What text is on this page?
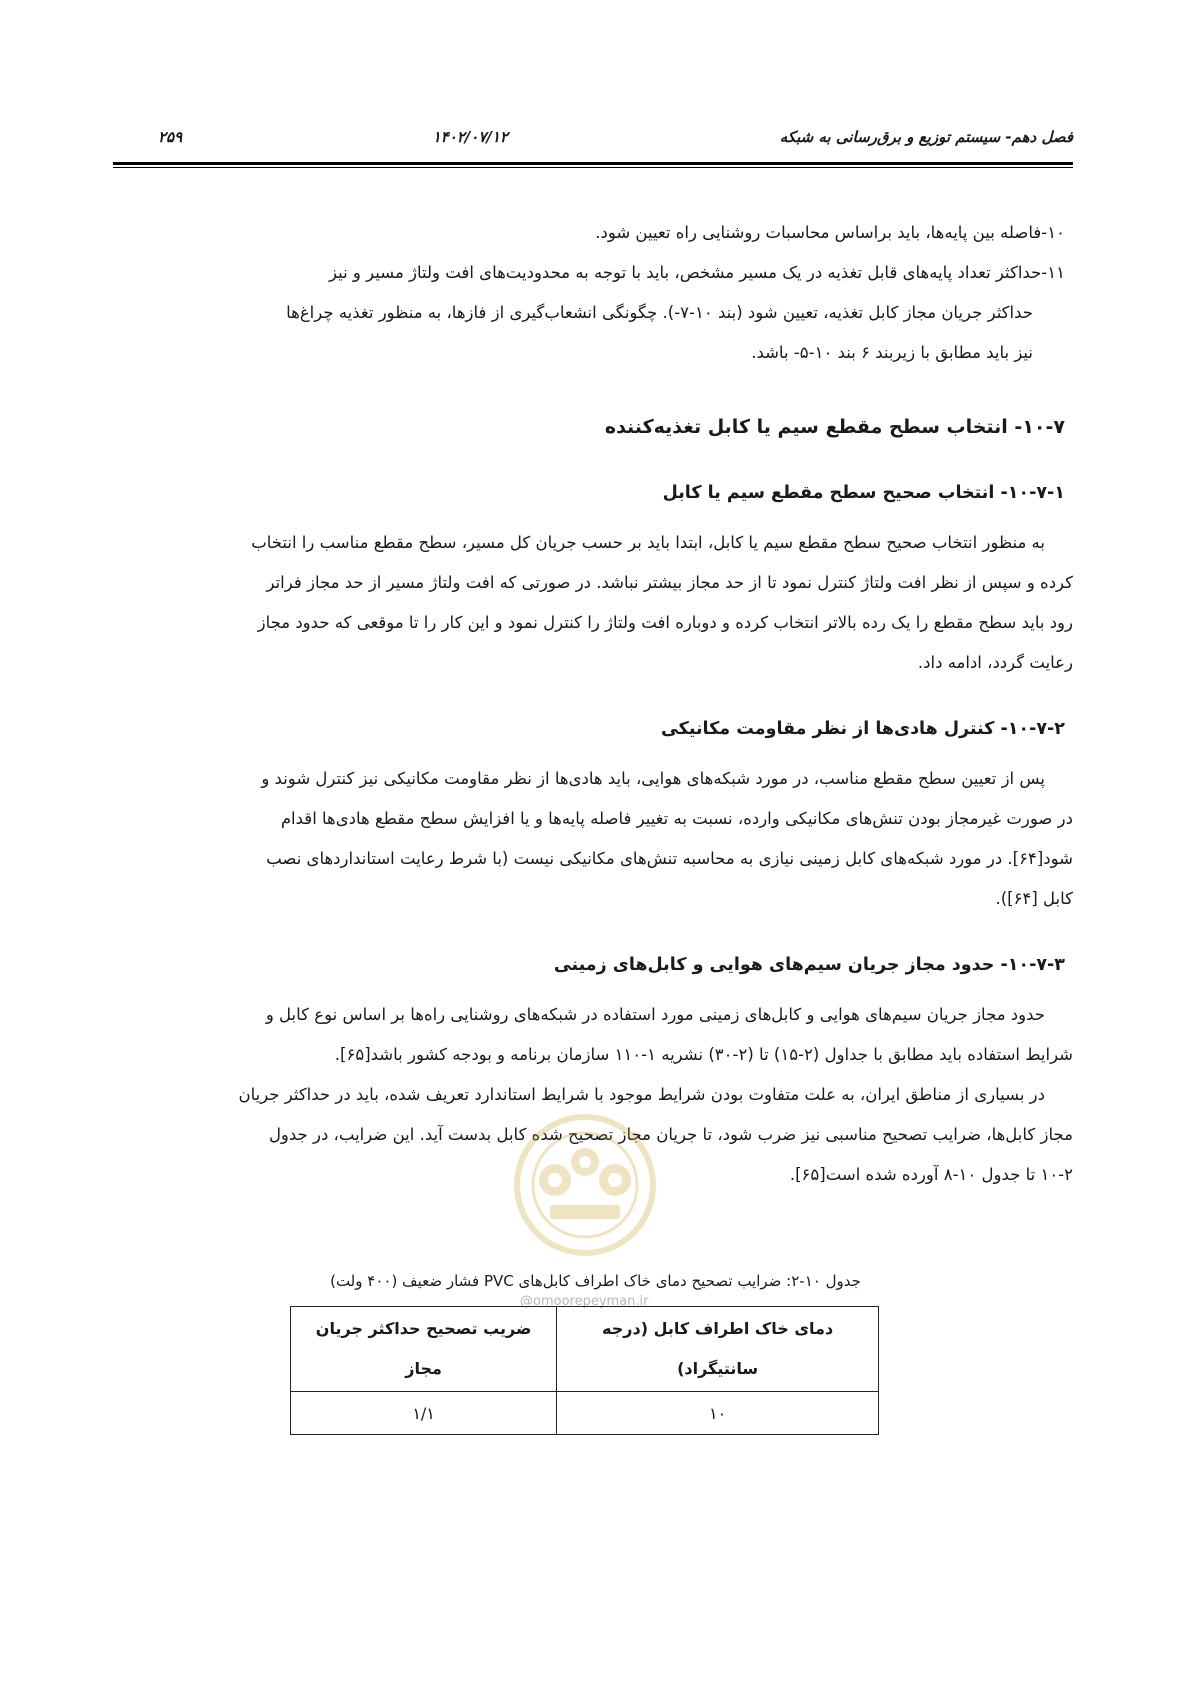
فصل دهم- سیستم توزیع و برق‌رسانی به شبکه
۱۴۰۲/۰۷/۱۲
۲۵۹

۱۰-فاصله بین پایه‌ها، باید براساس محاسبات روشنایی راه تعیین شود.

۱۱-حداکثر تعداد پایه‌های قابل تغذیه در یک مسیر مشخص، باید با توجه به محدودیت‌های افت ولتاژ مسیر و نیز
حداکثر جریان مجاز کابل تغذیه، تعیین شود (بند ۱۰-۷-). چگونگی انشعاب‌گیری از فازها، به منظور تغذیه چراغ‌ها
نیز باید مطابق با زیربند ۶ بند ۱۰-۵- باشد.

۱۰-۷- انتخاب سطح مقطع سیم یا کابل تغذیه‌کننده
۱۰-۷-۱- انتخاب صحیح سطح مقطع سیم یا کابل

به منظور انتخاب صحیح سطح مقطع سیم یا کابل، ابتدا باید بر حسب جریان کل مسیر، سطح مقطع مناسب را انتخاب
کرده و سپس از نظر افت ولتاژ کنترل نمود تا از حد مجاز بیشتر نباشد. در صورتی که افت ولتاژ مسیر از حد مجاز فراتر
رود باید سطح مقطع را یک رده بالاتر انتخاب کرده و دوباره افت ولتاژ را کنترل نمود و این کار را تا موقعی که حدود مجاز
رعایت گردد، ادامه داد.

۱۰-۷-۲- کنترل هادی‌ها از نظر مقاومت مکانیکی

پس از تعیین سطح مقطع مناسب، در مورد شبکه‌های هوایی، باید هادی‌ها از نظر مقاومت مکانیکی نیز کنترل شوند و
در صورت غیرمجاز بودن تنش‌های مکانیکی وارده، نسبت به تغییر فاصله پایه‌ها و یا افزایش سطح مقطع هادی‌ها اقدام
شود[۶۴]. در مورد شبکه‌های کابل زمینی نیازی به محاسبه تنش‌های مکانیکی نیست (با شرط رعایت استانداردهای نصب
کابل [۶۴]).

۱۰-۷-۳- حدود مجاز جریان سیم‌های هوایی و کابل‌های زمینی

حدود مجاز جریان سیم‌های هوایی و کابل‌های زمینی مورد استفاده در شبکه‌های روشنایی راه‌ها بر اساس نوع کابل و
شرایط استفاده باید مطابق با جداول (۲-۱۵) تا (۲-۳۰) نشریه ۱-۱۱۰ سازمان برنامه و بودجه کشور باشد[۶۵].

در بسیاری از مناطق ایران، به علت متفاوت بودن شرایط موجود با شرایط استاندارد تعریف شده، باید در حداکثر جریان
مجاز کابل‌ها، ضرایب تصحیح مناسبی نیز ضرب شود، تا جریان مجاز تصحیح شده کابل بدست آید. این ضرایب، در جدول
۱۰-۲ تا جدول ۱۰-۸ آورده شده است[۶۵].

@omoorepeyman.ir
جدول ۱۰-۲: ضرایب تصحیح دمای خاک اطراف کابل‌های PVC فشار ضعیف (۴۰۰ ولت)
دمای خاک اطراف کابل (درجه سانتیگراد)	ضریب تصحیح حداکثر جریان مجاز
۱۰	۱/۱
